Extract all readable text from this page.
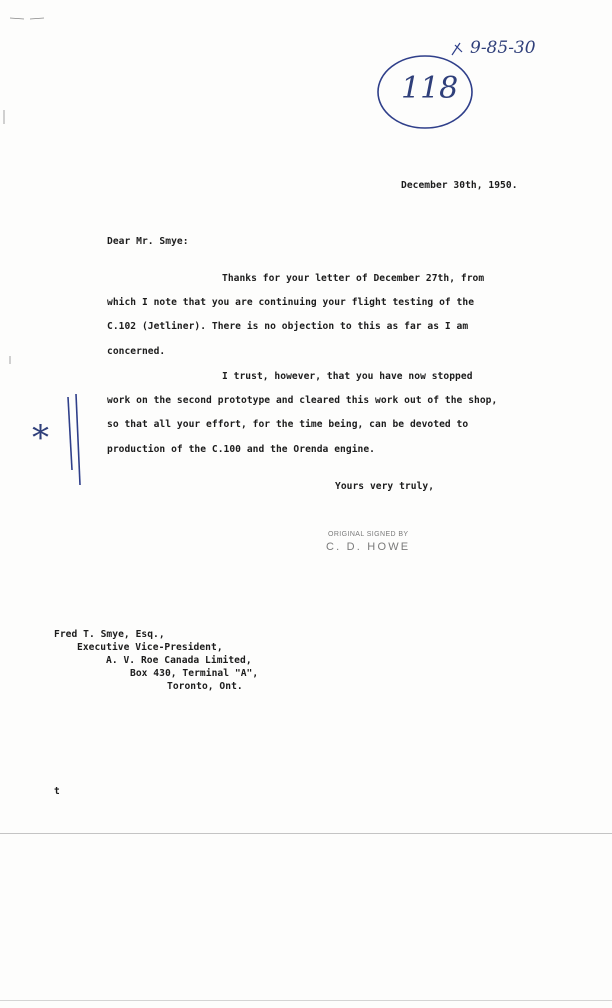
118
9-85-30
*
December 30th, 1950.
Dear Mr. Smye:
Thanks for your letter of December 27th, from
which I note that you are continuing your flight testing of the
C.102 (Jetliner). There is no objection to this as far as I am
concerned.
I trust, however, that you have now stopped
work on the second prototype and cleared this work out of the shop,
so that all your effort, for the time being, can be devoted to
production of the C.100 and the Orenda engine.
Yours very truly,
ORIGINAL SIGNED BY
C. D. HOWE
Fred T. Smye, Esq.,
Executive Vice-President,
A. V. Roe Canada Limited,
Box 430, Terminal "A",
Toronto, Ont.
t
